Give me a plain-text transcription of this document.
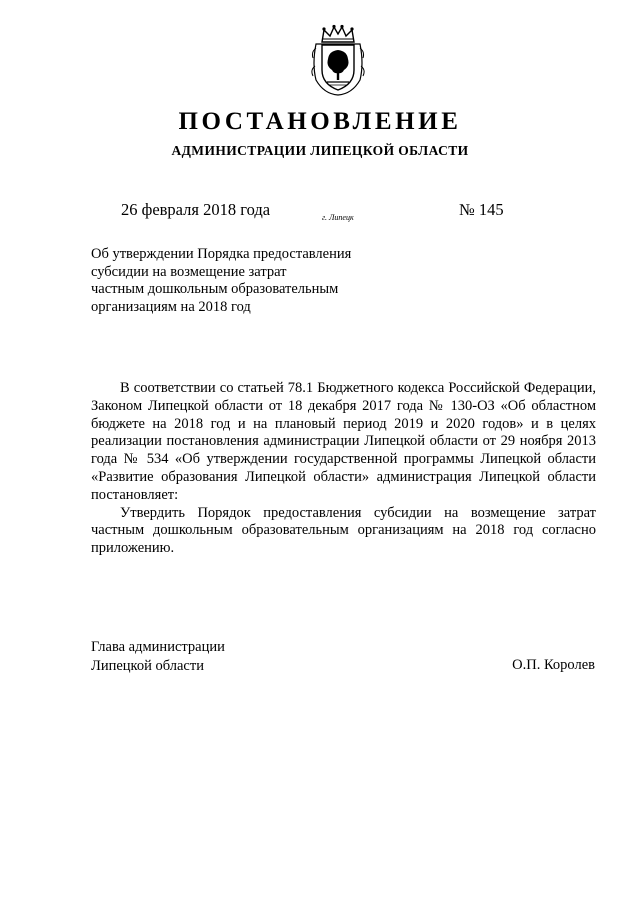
ПОСТАНОВЛЕНИЕ
АДМИНИСТРАЦИИ ЛИПЕЦКОЙ ОБЛАСТИ
26 февраля 2018 года	г. Липецк	№ 145
Об утверждении Порядка предоставления
субсидии на возмещение затрат
частным дошкольным образовательным
организациям на 2018 год

В соответствии со статьей 78.1 Бюджетного кодекса Российской Федерации, Законом Липецкой области от 18 декабря 2017 года № 130-ОЗ «Об областном бюджете на 2018 год и на плановый период 2019 и 2020 годов» и в целях реализации постановления администрации Липецкой области от 29 ноября 2013 года № 534 «Об утверждении государственной программы Липецкой области «Развитие образования Липецкой области» администрация Липецкой области постановляет:

Утвердить Порядок предоставления субсидии на возмещение затрат частным дошкольным образовательным организациям на 2018 год согласно приложению.

Глава администрации
Липецкой области	О.П. Королев
